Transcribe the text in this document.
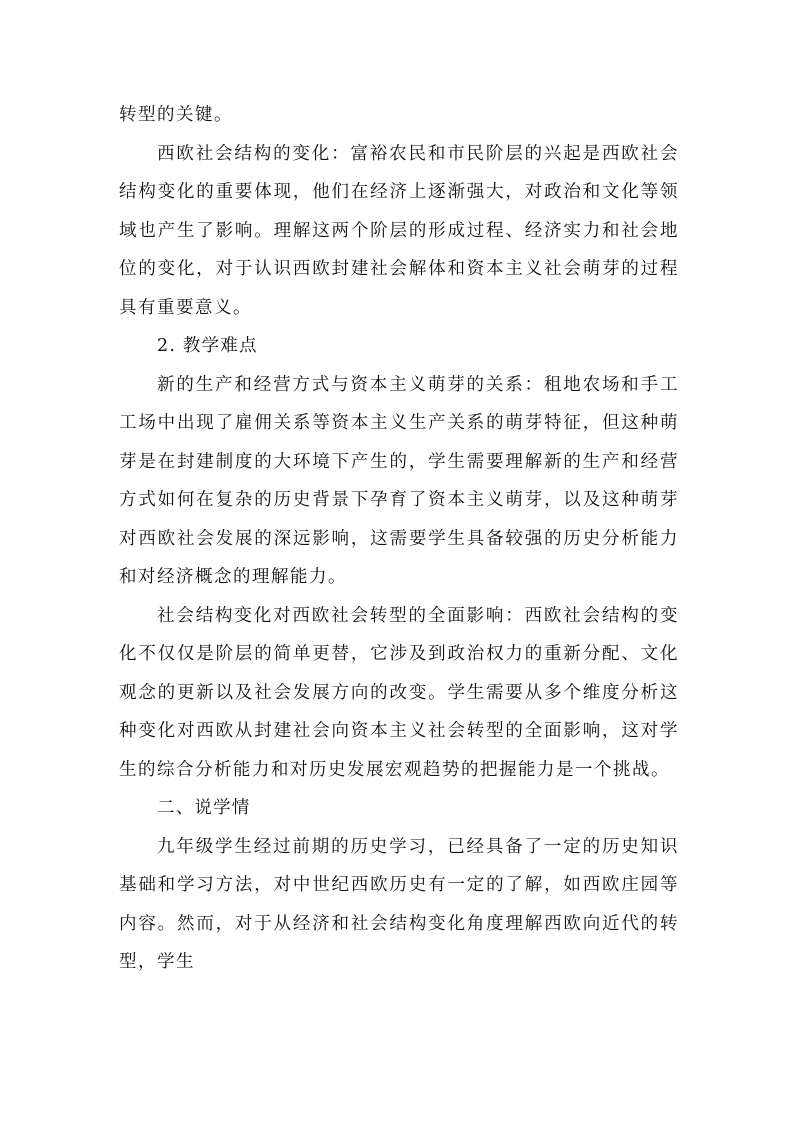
转型的关键。

西欧社会结构的变化：富裕农民和市民阶层的兴起是西欧社会结构变化的重要体现，他们在经济上逐渐强大，对政治和文化等领域也产生了影响。理解这两个阶层的形成过程、经济实力和社会地位的变化，对于认识西欧封建社会解体和资本主义社会萌芽的过程具有重要意义。

2. 教学难点

新的生产和经营方式与资本主义萌芽的关系：租地农场和手工工场中出现了雇佣关系等资本主义生产关系的萌芽特征，但这种萌芽是在封建制度的大环境下产生的，学生需要理解新的生产和经营方式如何在复杂的历史背景下孕育了资本主义萌芽，以及这种萌芽对西欧社会发展的深远影响，这需要学生具备较强的历史分析能力和对经济概念的理解能力。

社会结构变化对西欧社会转型的全面影响：西欧社会结构的变化不仅仅是阶层的简单更替，它涉及到政治权力的重新分配、文化观念的更新以及社会发展方向的改变。学生需要从多个维度分析这种变化对西欧从封建社会向资本主义社会转型的全面影响，这对学生的综合分析能力和对历史发展宏观趋势的把握能力是一个挑战。

二、说学情

九年级学生经过前期的历史学习，已经具备了一定的历史知识基础和学习方法，对中世纪西欧历史有一定的了解，如西欧庄园等内容。然而，对于从经济和社会结构变化角度理解西欧向近代的转型，学生
